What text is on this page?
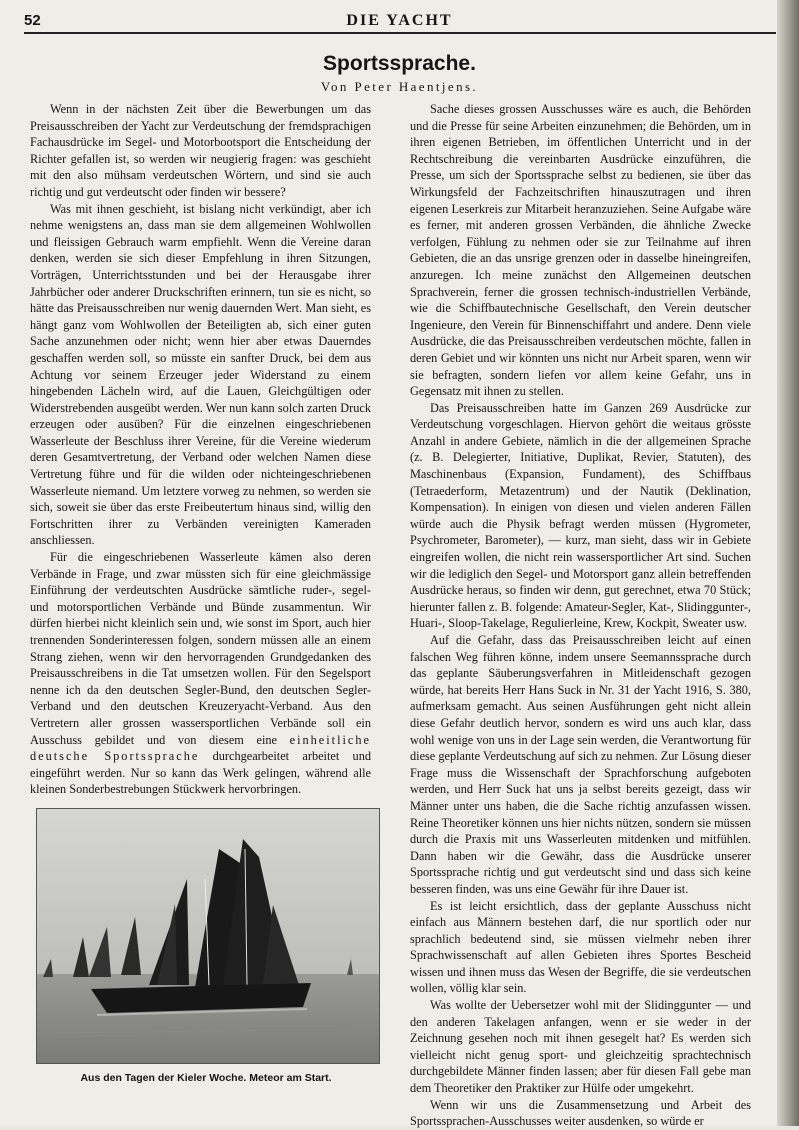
52	DIE YACHT
Sportssprache.
Von Peter Haentjens.

Wenn in der nächsten Zeit über die Bewerbungen um das Preisausschreiben der Yacht zur Verdeutschung der fremdsprachigen Fachausdrücke im Segel- und Motorbootsport die Entscheidung der Richter gefallen ist, so werden wir neugierig fragen: was geschieht mit den also mühsam verdeutschen Wörtern, und sind sie auch richtig und gut verdeutscht oder finden wir bessere?

Was mit ihnen geschieht, ist bislang nicht verkündigt, aber ich nehme wenigstens an, dass man sie dem allgemeinen Wohlwollen und fleissigen Gebrauch warm empfiehlt. Wenn die Vereine daran denken, werden sie sich dieser Empfehlung in ihren Sitzungen, Vorträgen, Unterrichtsstunden und bei der Herausgabe ihrer Jahrbücher oder anderer Druckschriften erinnern, tun sie es nicht, so hätte das Preisausschreiben nur wenig dauernden Wert. Man sieht, es hängt ganz vom Wohlwollen der Beteiligten ab, sich einer guten Sache anzunehmen oder nicht; wenn hier aber etwas Dauerndes geschaffen werden soll, so müsste ein sanfter Druck, bei dem aus Achtung vor seinem Erzeuger jeder Widerstand zu einem hingebenden Lächeln wird, auf die Lauen, Gleichgültigen oder Widerstrebenden ausgeübt werden. Wer nun kann solch zarten Druck erzeugen oder ausüben? Für die einzelnen eingeschriebenen Wasserleute der Beschluss ihrer Vereine, für die Vereine wiederum deren Gesamtvertretung, der Verband oder welchen Namen diese Vertretung führe und für die wilden oder nichteingeschriebenen Wasserleute niemand. Um letztere vorweg zu nehmen, so werden sie sich, soweit sie über das erste Freibeutertum hinaus sind, willig den Fortschritten ihrer zu Verbänden vereinigten Kameraden anschliessen.

Für die eingeschriebenen Wasserleute kämen also deren Verbände in Frage, und zwar müssten sich für eine gleichmässige Einführung der verdeutschten Ausdrücke sämtliche ruder-, segel- und motorsportlichen Verbände und Bünde zusammentun. Wir dürfen hierbei nicht kleinlich sein und, wie sonst im Sport, auch hier trennenden Sonderinteressen folgen, sondern müssen alle an einem Strang ziehen, wenn wir den hervorragenden Grundgedanken des Preisausschreibens in die Tat umsetzen wollen. Für den Segelsport nenne ich da den deutschen Segler-Bund, den deutschen Segler-Verband und den deutschen Kreuzeryacht-Verband. Aus den Vertretern aller grossen wassersportlichen Verbände soll ein Ausschuss gebildet und von diesem eine einheitliche deutsche Sportssprache durchgearbeitet arbeitet und eingeführt werden. Nur so kann das Werk gelingen, während alle kleinen Sonderbestrebungen Stückwerk hervorbringen.

Sache dieses grossen Ausschusses wäre es auch, die Behörden und die Presse für seine Arbeiten einzunehmen; die Behörden, um in ihren eigenen Betrieben, im öffentlichen Unterricht und in der Rechtschreibung die vereinbarten Ausdrücke einzuführen, die Presse, um sich der Sportssprache selbst zu bedienen, sie über das Wirkungsfeld der Fachzeitschriften hinauszutragen und ihren eigenen Leserkreis zur Mitarbeit heranzuziehen. Seine Aufgabe wäre es ferner, mit anderen grossen Verbänden, die ähnliche Zwecke verfolgen, Fühlung zu nehmen oder sie zur Teilnahme auf ihren Gebieten, die an das unsrige grenzen oder in dasselbe hineingreifen, anzuregen. Ich meine zunächst den Allgemeinen deutschen Sprachverein, ferner die grossen technisch-industriellen Verbände, wie die Schiffbautechnische Gesellschaft, den Verein deutscher Ingenieure, den Verein für Binnenschiffahrt und andere. Denn viele Ausdrücke, die das Preisausschreiben verdeutschen möchte, fallen in deren Gebiet und wir könnten uns nicht nur Arbeit sparen, wenn wir sie befragten, sondern liefen vor allem keine Gefahr, uns in Gegensatz mit ihnen zu stellen.

Das Preisausschreiben hatte im Ganzen 269 Ausdrücke zur Verdeutschung vorgeschlagen. Hiervon gehört die weitaus grösste Anzahl in andere Gebiete, nämlich in die der allgemeinen Sprache (z. B. Delegierter, Initiative, Duplikat, Revier, Statuten), des Maschinenbaus (Expansion, Fundament), des Schiffbaus (Tetraederform, Metazentrum) und der Nautik (Deklination, Kompensation). In einigen von diesen und vielen anderen Fällen würde auch die Physik befragt werden müssen (Hygrometer, Psychrometer, Barometer), — kurz, man sieht, dass wir in Gebiete eingreifen wollen, die nicht rein wassersportlicher Art sind. Suchen wir die lediglich den Segel- und Motorsport ganz allein betreffenden Ausdrücke heraus, so finden wir denn, gut gerechnet, etwa 70 Stück; hierunter fallen z. B. folgende: Amateur-Segler, Kat-, Slidinggunter-, Huari-, Sloop-Takelage, Regulierleine, Krew, Kockpit, Sweater usw.

Auf die Gefahr, dass das Preisausschreiben leicht auf einen falschen Weg führen könne, indem unsere Seemannssprache durch das geplante Säuberungsverfahren in Mitleidenschaft gezogen würde, hat bereits Herr Hans Suck in Nr. 31 der Yacht 1916, S. 380, aufmerksam gemacht. Aus seinen Ausführungen geht nicht allein diese Gefahr deutlich hervor, sondern es wird uns auch klar, dass wohl wenige von uns in der Lage sein werden, die Verantwortung für diese geplante Verdeutschung auf sich zu nehmen. Zur Lösung dieser Frage muss die Wissenschaft der Sprachforschung aufgeboten werden, und Herr Suck hat uns ja selbst bereits gezeigt, dass wir Männer unter uns haben, die die Sache richtig anzufassen wissen. Reine Theoretiker können uns hier nichts nützen, sondern sie müssen durch die Praxis mit uns Wasserleuten mitdenken und mitfühlen. Dann haben wir die Gewähr, dass die Ausdrücke unserer Sportssprache richtig und gut verdeutscht sind und dass sich keine besseren finden, was uns eine Gewähr für ihre Dauer ist.

Es ist leicht ersichtlich, dass der geplante Ausschuss nicht einfach aus Männern bestehen darf, die nur sportlich oder nur sprachlich bedeutend sind, sie müssen vielmehr neben ihrer Sprachwissenschaft auf allen Gebieten ihres Sportes Bescheid wissen und ihnen muss das Wesen der Begriffe, die sie verdeutschen wollen, völlig klar sein.

Was wollte der Uebersetzer wohl mit der Slidinggunter — und den anderen Takelagen anfangen, wenn er sie weder in der Zeichnung gesehen noch mit ihnen gesegelt hat? Es werden sich vielleicht nicht genug sport- und gleichzeitig sprachtechnisch durchgebildete Männer finden lassen; aber für diesen Fall gebe man dem Theoretiker den Praktiker zur Hülfe oder umgekehrt.

Wenn wir uns die Zusammensetzung und Arbeit des Sportssprachen-Ausschusses weiter ausdenken, so würde er

Aus den Tagen der Kieler Woche. Meteor am Start.
